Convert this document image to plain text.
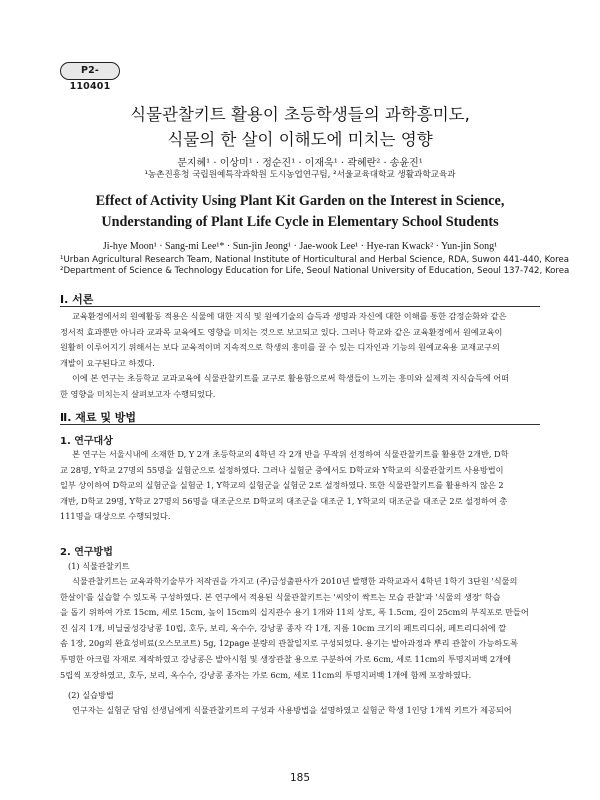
P2-110401
식물관찰키트 활용이 초등학생들의 과학흥미도,
식물의 한 살이 이해도에 미치는 영향
문지혜¹ · 이상미¹ · 정순진¹ · 이재욱¹ · 곽혜란² · 송윤진¹
¹농촌진흥청 국립원예특작과학원 도시농업연구팀, ²서울교육대학교 생활과학교육과
Effect of Activity Using Plant Kit Garden on the Interest in Science,
Understanding of Plant Life Cycle in Elementary School Students
Ji-hye Moon¹ · Sang-mi Lee¹* · Sun-jin Jeong¹ · Jae-wook Lee¹ · Hye-ran Kwack² · Yun-jin Song¹
¹Urban Agricultural Research Team, National Institute of Horticultural and Herbal Science, RDA, Suwon 441-440, Korea
²Department of Science & Technology Education for Life, Seoul National University of Education, Seoul 137-742, Korea
Ⅰ. 서론
교육환경에서의 원예활동 적용은 식물에 대한 지식 및 원예기술의 습득과 생명과 자신에 대한 이해를 통한 감정순화와 같은
정서적 효과뿐만 아니라 교과목 교육에도 영향을 미치는 것으로 보고되고 있다. 그러나 학교와 같은 교육환경에서 원예교육이
원활히 이루어지기 위해서는 보다 교육적이며 지속적으로 학생의 흥미를 끌 수 있는 디자인과 기능의 원예교육용 교재교구의
개발이 요구된다고 하겠다.
이에 본 연구는 초등학교 교과교육에 식물관찰키트를 교구로 활용함으로써 학생들이 느끼는 흥미와 실제적 지식습득에 어떠
한 영향을 미치는지 살펴보고자 수행되었다.
Ⅱ. 재료 및 방법
1. 연구대상
본 연구는 서울시내에 소재한 D, Y 2개 초등학교의 4학년 각 2개 반을 무작위 선정하여 식물관찰키트를 활용한 2개반, D학
교 28명, Y학교 27명의 55명을 실험군으로 설정하였다. 그러나 실험군 중에서도 D학교와 Y학교의 식물관찰키트 사용방법이
일부 상이하여 D학교의 실험군을 실험군 1, Y학교의 실험군을 실험군 2로 설정하였다. 또한 식물관찰키트를 활용하지 않은 2
개반, D학교 29명, Y학교 27명의 56명을 대조군으로 D학교의 대조군을 대조군 1, Y학교의 대조군을 대조군 2로 설정하여 총
111명을 대상으로 수행되었다.
2. 연구방법
(1) 식물관찰키트
식물관찰키트는 교육과학기술부가 저작권을 가지고 (주)금성출판사가 2010년 발행한 과학교과서 4학년 1학기 3단원 '식물의
한살이'를 실습할 수 있도록 구성하였다. 본 연구에서 적용된 식물관찰키트는 '씨앗이 싹트는 모습 관찰'과 '식물의 생장' 학습
을 돕기 위하여 가로 15cm, 세로 15cm, 높이 15cm의 십지관수 용기 1개와 11의 상토, 폭 1.5cm, 길이 25cm의 부직포로 만들어
진 심지 1개, 비닐굴성강낭콩 10립, 호두, 보리, 옥수수, 강낭콩 종자 각 1개, 지름 10cm 크기의 페트리디쉬, 페트리디쉬에 깔
솜 1장, 20g의 완효성비료(오스모코트) 5g, 12page 분량의 관찰일지로 구성되었다. 용기는 발아과정과 뿌리 관찰이 가능하도록
투명한 아크릴 자재로 제작하였고 강낭콩은 발아시험 및 생장관찰 용으로 구분하여 가로 6cm, 세로 11cm의 투명지퍼백 2개에
5립씩 포장하였고, 호두, 보리, 옥수수, 강낭콩 종자는 가로 6cm, 세로 11cm의 투명지퍼백 1개에 함께 포장하였다.
(2) 실습방법
연구자는 실험군 담임 선생님에게 식물관찰키트의 구성과 사용방법을 설명하였고 실험군 학생 1인당 1개씩 키트가 제공되어
185
